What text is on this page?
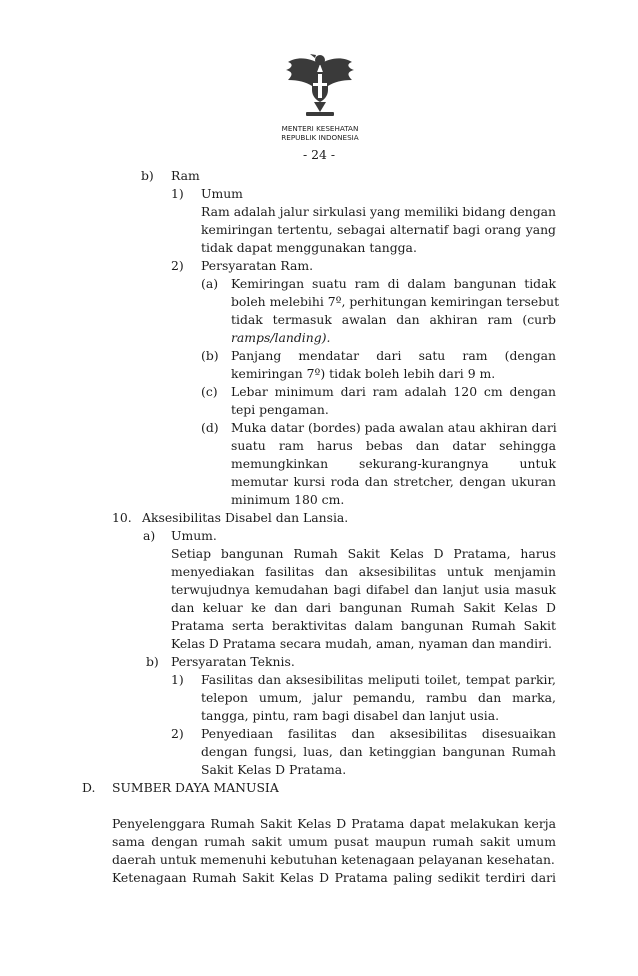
MENTERI KESEHATAN
REPUBLIK INDONESIA
- 24 -
b) Ram
1) Umum
Ram adalah jalur sirkulasi yang memiliki bidang dengan
kemiringan tertentu, sebagai alternatif bagi orang yang
tidak dapat menggunakan tangga.
2) Persyaratan Ram.
(a) Kemiringan suatu ram di dalam bangunan tidak
boleh melebihi 7º, perhitungan kemiringan tersebut
tidak termasuk awalan dan akhiran ram (curb
ramps/landing).
(b) Panjang mendatar dari satu ram (dengan
kemiringan 7º) tidak boleh lebih dari 9 m.
(c) Lebar minimum dari ram adalah 120 cm dengan
tepi pengaman.
(d) Muka datar (bordes) pada awalan atau akhiran dari
suatu ram harus bebas dan datar sehingga
memungkinkan sekurang-kurangnya untuk
memutar kursi roda dan stretcher, dengan ukuran
minimum 180 cm.
10. Aksesibilitas Disabel dan Lansia.
a) Umum.
Setiap bangunan Rumah Sakit Kelas D Pratama, harus
menyediakan fasilitas dan aksesibilitas untuk menjamin
terwujudnya kemudahan bagi difabel dan lanjut usia masuk
dan keluar ke dan dari bangunan Rumah Sakit Kelas D
Pratama serta beraktivitas dalam bangunan Rumah Sakit
Kelas D Pratama secara mudah, aman, nyaman dan mandiri.
b) Persyaratan Teknis.
1) Fasilitas dan aksesibilitas meliputi toilet, tempat parkir,
telepon umum, jalur pemandu, rambu dan marka,
tangga, pintu, ram bagi disabel dan lanjut usia.
2) Penyediaan fasilitas dan aksesibilitas disesuaikan
dengan fungsi, luas, dan ketinggian bangunan Rumah
Sakit Kelas D Pratama.
D. SUMBER DAYA MANUSIA
Penyelenggara Rumah Sakit Kelas D Pratama dapat melakukan kerja
sama dengan rumah sakit umum pusat maupun rumah sakit umum
daerah untuk memenuhi kebutuhan ketenagaan pelayanan kesehatan.
Ketenagaan Rumah Sakit Kelas D Pratama paling sedikit terdiri dari
